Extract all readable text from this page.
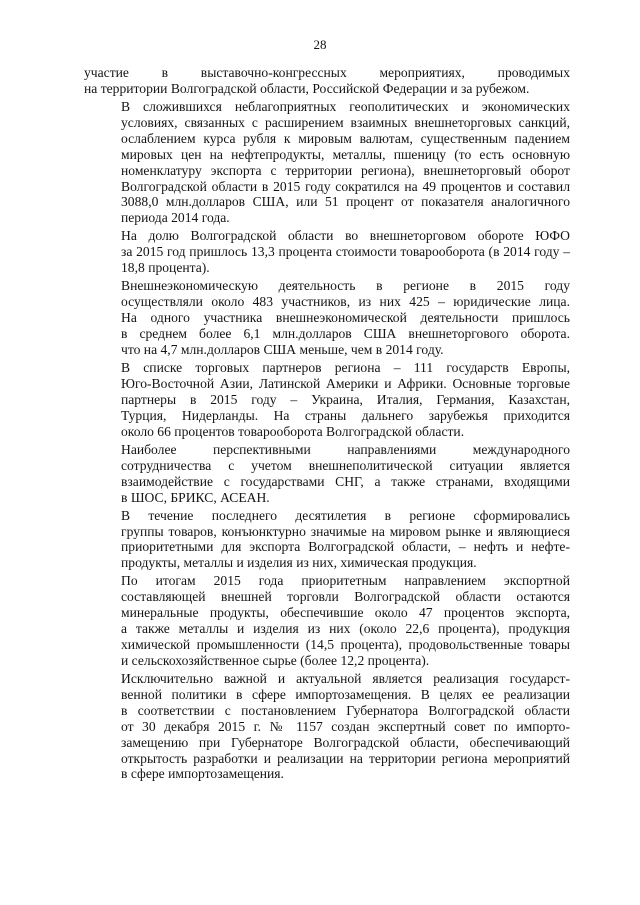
28
участие в выставочно-конгрессных мероприятиях, проводимых
на территории Волгоградской области, Российской Федерации и за рубежом.
В сложившихся неблагоприятных геополитических и экономических
условиях, связанных с расширением взаимных внешнеторговых санкций,
ослаблением курса рубля к мировым валютам, существенным падением
мировых цен на нефтепродукты, металлы, пшеницу (то есть основную
номенклатуру экспорта с территории региона), внешнеторговый оборот
Волгоградской области в 2015 году сократился на 49 процентов и составил
3088,0 млн.долларов США, или 51 процент от показателя аналогичного
периода 2014 года.
На долю Волгоградской области во внешнеторговом обороте ЮФО
за 2015 год пришлось 13,3 процента стоимости товарооборота (в 2014 году –
18,8 процента).
Внешнеэкономическую деятельность в регионе в 2015 году
осуществляли около 483 участников, из них 425 – юридические лица.
На одного участника внешнеэкономической деятельности пришлось
в среднем более 6,1 млн.долларов США внешнеторгового оборота.
что на 4,7 млн.долларов США меньше, чем в 2014 году.
В списке торговых партнеров региона – 111 государств Европы,
Юго-Восточной Азии, Латинской Америки и Африки. Основные торговые
партнеры в 2015 году – Украина, Италия, Германия, Казахстан,
Турция, Нидерланды. На страны дальнего зарубежья приходится
около 66 процентов товарооборота Волгоградской области.
Наиболее перспективными направлениями международного
сотрудничества с учетом внешнеполитической ситуации является
взаимодействие с государствами СНГ, а также странами, входящими
в ШОС, БРИКС, АСЕАН.
В течение последнего десятилетия в регионе сформировались
группы товаров, конъюнктурно значимые на мировом рынке и являющиеся
приоритетными для экспорта Волгоградской области, – нефть и нефте-
продукты, металлы и изделия из них, химическая продукция.
По итогам 2015 года приоритетным направлением экспортной
составляющей внешней торговли Волгоградской области остаются
минеральные продукты, обеспечившие около 47 процентов экспорта,
а также металлы и изделия из них (около 22,6 процента), продукция
химической промышленности (14,5 процента), продовольственные товары
и сельскохозяйственное сырье (более 12,2 процента).
Исключительно важной и актуальной является реализация государст-
венной политики в сфере импортозамещения. В целях ее реализации
в соответствии с постановлением Губернатора Волгоградской области
от 30 декабря 2015 г. № 1157 создан экспертный совет по импорто-
замещению при Губернаторе Волгоградской области, обеспечивающий
открытость разработки и реализации на территории региона мероприятий
в сфере импортозамещения.
